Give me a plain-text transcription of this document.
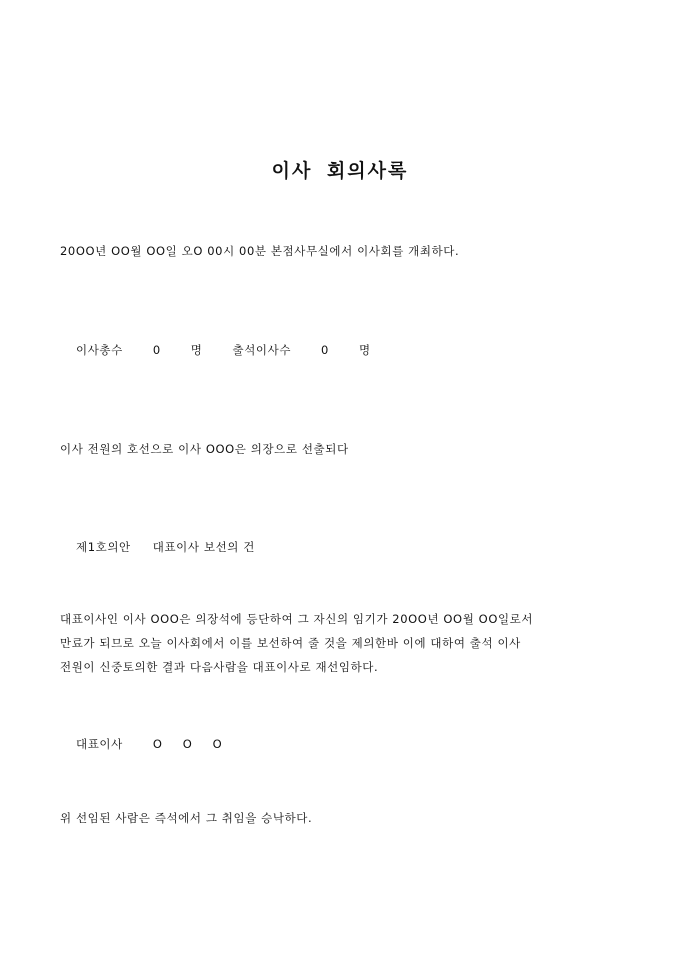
이사 회의사록
20OO년 OO월 OO일 오O 00시 00분 본점사무실에서 이사회를 개최하다.
이사총수	0	명	출석이사수	0	명
이사 전원의 호선으로 이사 OOO은 의장으로 선출되다
제1호의안 대표이사 보선의 건
대표이사인 이사 OOO은 의장석에 등단하여 그 자신의 임기가 20OO년 OO월 OO일로서
만료가 되므로 오늘 이사회에서 이를 보선하여 줄 것을 제의한바 이에 대하여 출석 이사
전원이 신중토의한 결과 다음사람을 대표이사로 재선임하다.
대표이사	O O O
위 선임된 사람은 즉석에서 그 취임을 승낙하다.
